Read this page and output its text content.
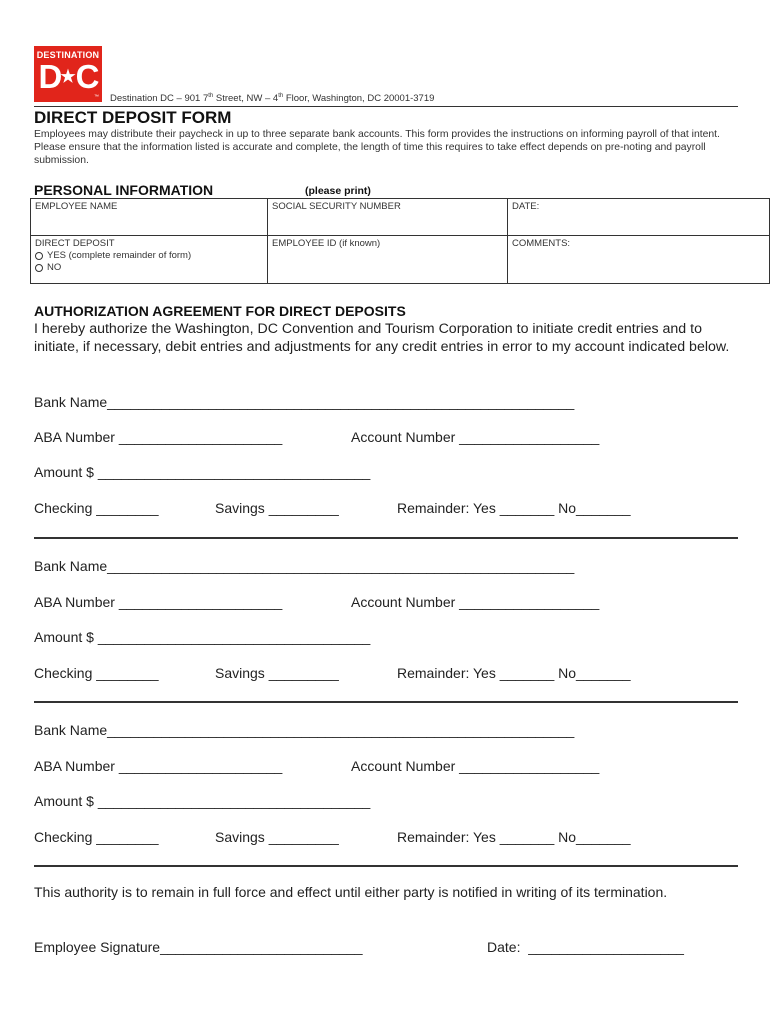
DESTINATION
D★C
™ Destination DC – 901 7th Street, NW – 4th Floor, Washington, DC 20001-3719
DIRECT DEPOSIT FORM
Employees may distribute their paycheck in up to three separate bank accounts. This form provides the instructions on informing payroll of that intent. Please ensure that the information listed is accurate and complete, the length of time this requires to take effect depends on pre-noting and payroll submission.
PERSONAL INFORMATION	(please print)
EMPLOYEE NAME	SOCIAL SECURITY NUMBER	DATE:
DIRECT DEPOSIT
YES (complete remainder of form)
NO
EMPLOYEE ID (if known)	COMMENTS:
AUTHORIZATION AGREEMENT FOR DIRECT DEPOSITS
I hereby authorize the Washington, DC Convention and Tourism Corporation to initiate credit entries and to initiate, if necessary, debit entries and adjustments for any credit entries in error to my account indicated below.
Bank Name____________________________________________________________
ABA Number _____________________	Account Number __________________
Amount $ ___________________________________
Checking ________	Savings _________	Remainder: Yes _______ No_______
Bank Name____________________________________________________________
ABA Number _____________________	Account Number __________________
Amount $ ___________________________________
Checking ________	Savings _________	Remainder: Yes _______ No_______
Bank Name____________________________________________________________
ABA Number _____________________	Account Number __________________
Amount $ ___________________________________
Checking ________	Savings _________	Remainder: Yes _______ No_______
This authority is to remain in full force and effect until either party is notified in writing of its termination.
Employee Signature__________________________	Date:  ____________________
